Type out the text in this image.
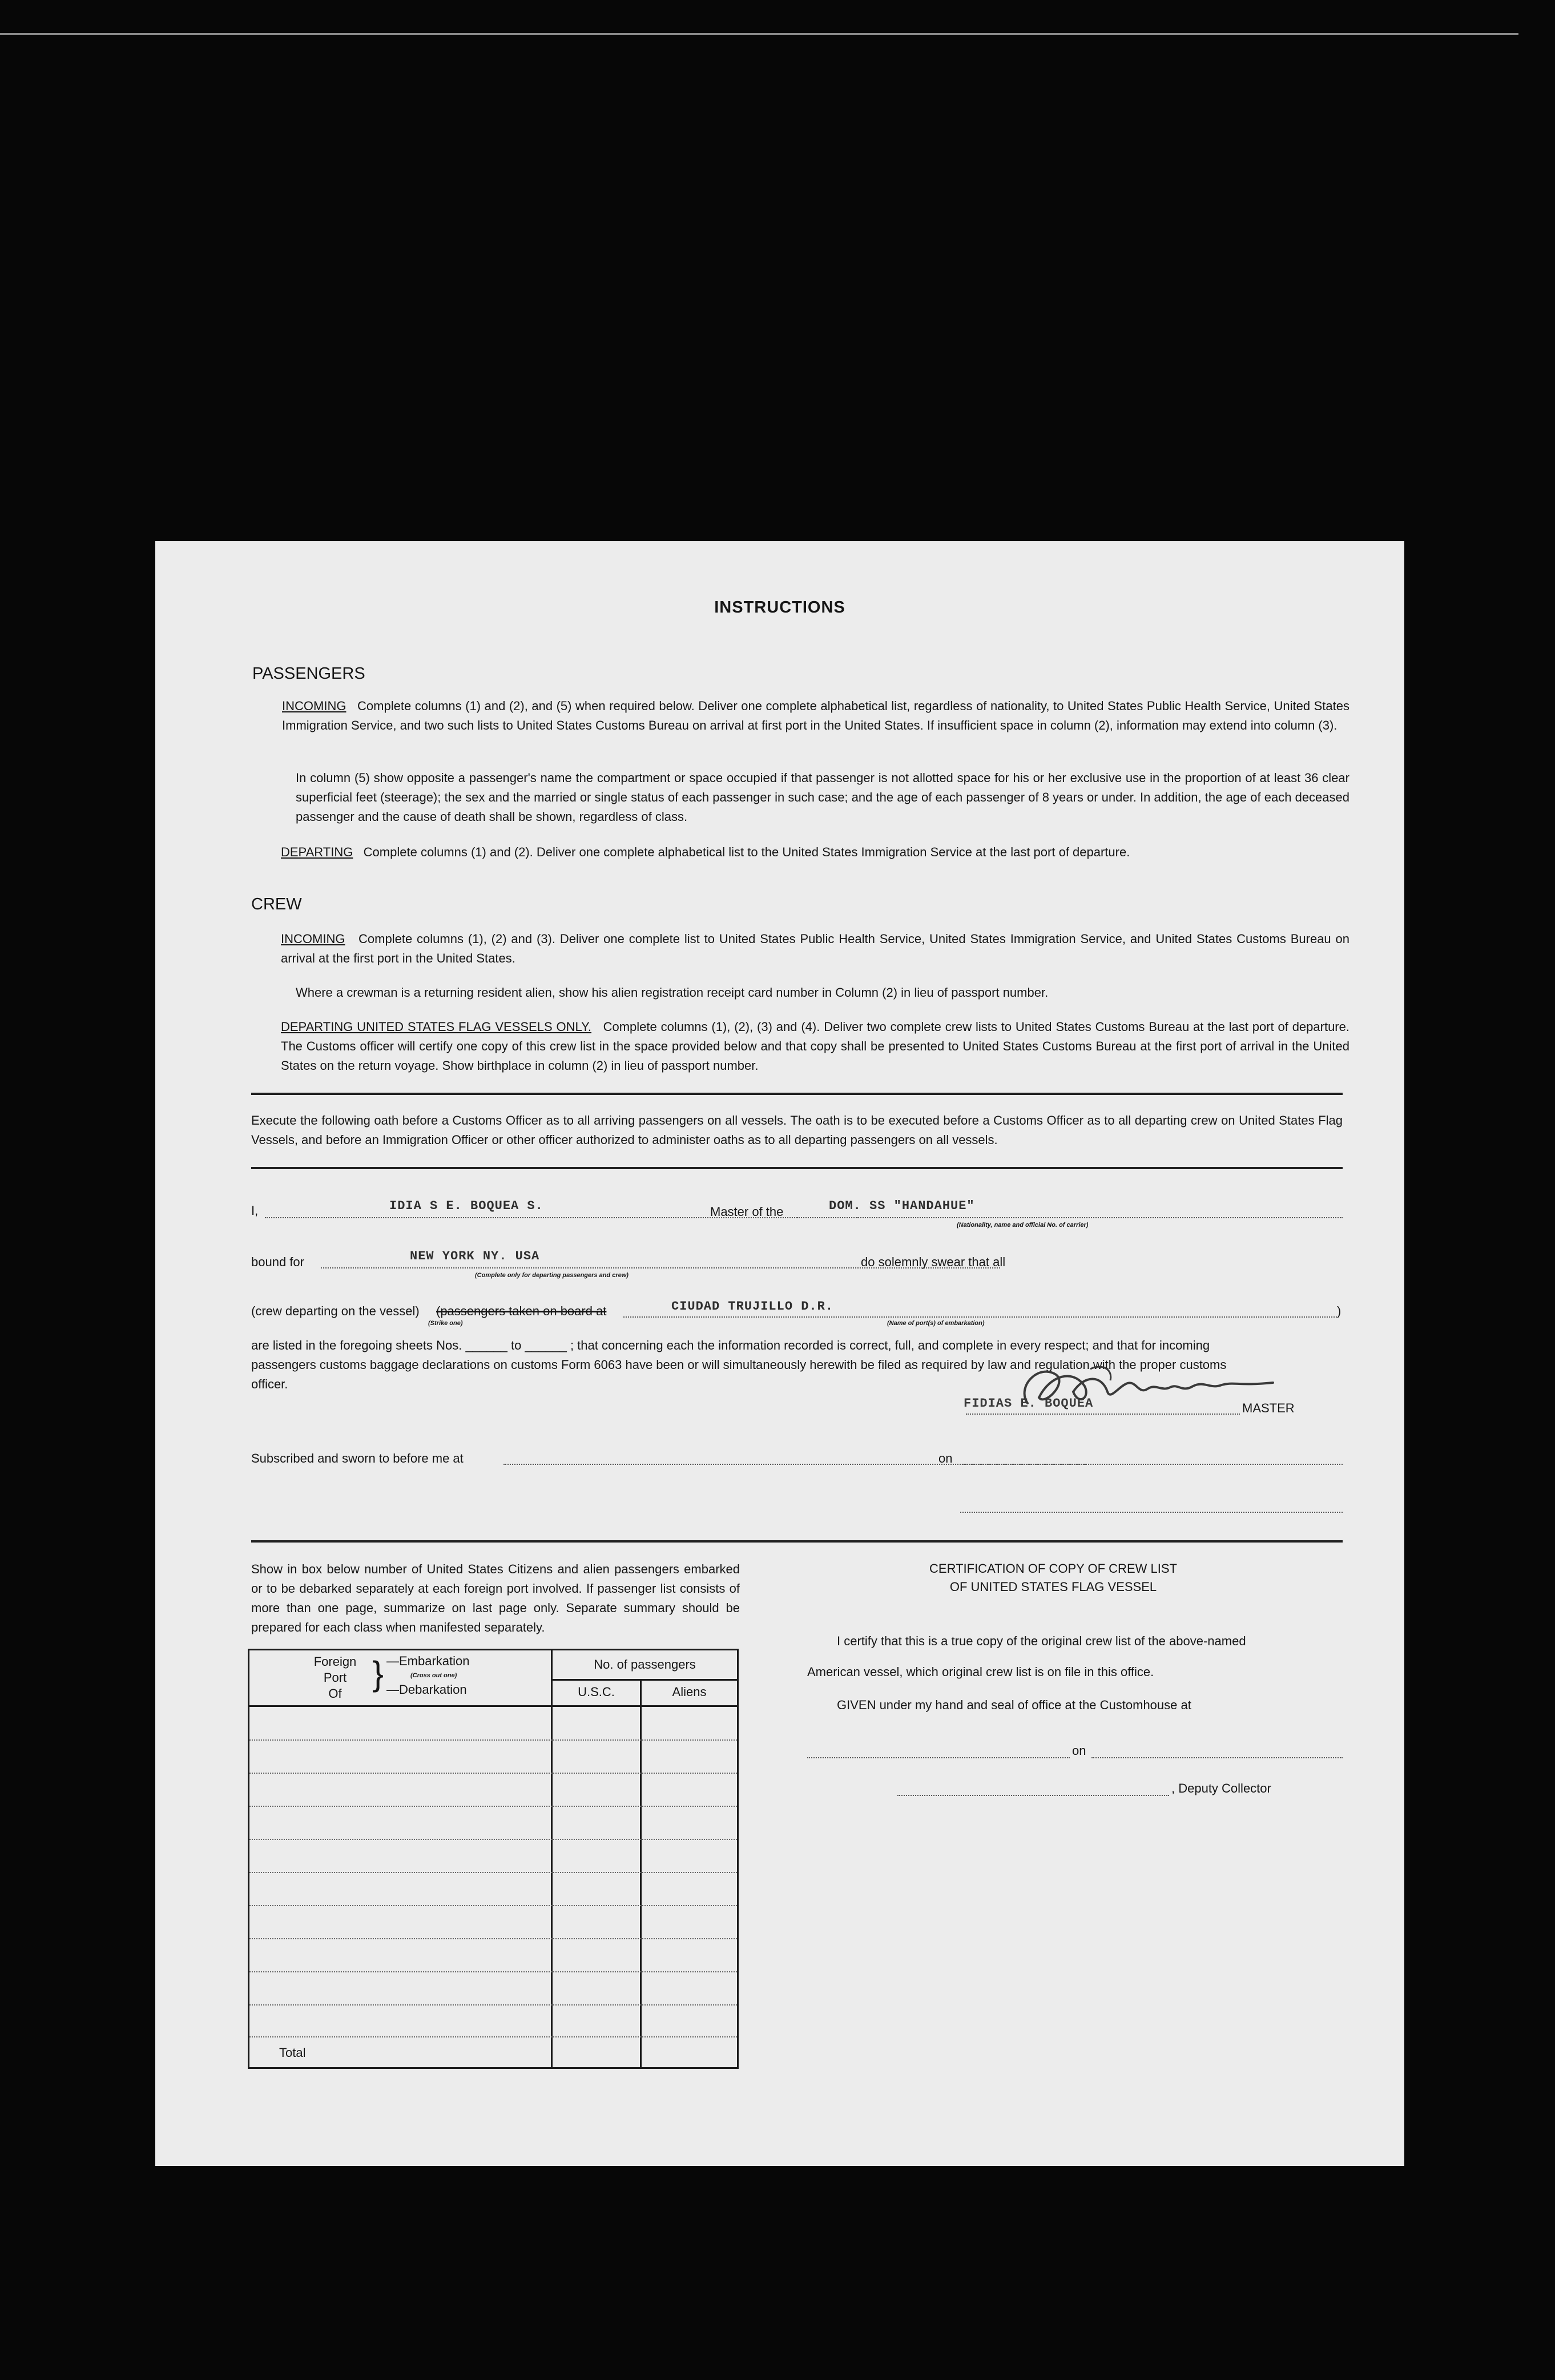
INSTRUCTIONS
PASSENGERS
INCOMING Complete columns (1) and (2), and (5) when required below. Deliver one complete alphabetical list, regardless of nationality, to United States Public Health Service, United States Immigration Service, and two such lists to United States Customs Bureau on arrival at first port in the United States. If insufficient space in column (2), information may extend into column (3).
In column (5) show opposite a passenger's name the compartment or space occupied if that passenger is not allotted space for his or her exclusive use in the proportion of at least 36 clear superficial feet (steerage); the sex and the married or single status of each passenger in such case; and the age of each passenger of 8 years or under. In addition, the age of each deceased passenger and the cause of death shall be shown, regardless of class.
DEPARTING Complete columns (1) and (2). Deliver one complete alphabetical list to the United States Immigration Service at the last port of departure.
CREW
INCOMING Complete columns (1), (2) and (3). Deliver one complete list to United States Public Health Service, United States Immigration Service, and United States Customs Bureau on arrival at the first port in the United States.
Where a crewman is a returning resident alien, show his alien registration receipt card number in Column (2) in lieu of passport number.
DEPARTING UNITED STATES FLAG VESSELS ONLY. Complete columns (1), (2), (3) and (4). Deliver two complete crew lists to United States Customs Bureau at the last port of departure. The Customs officer will certify one copy of this crew list in the space provided below and that copy shall be presented to United States Customs Bureau at the first port of arrival in the United States on the return voyage. Show birthplace in column (2) in lieu of passport number.
Execute the following oath before a Customs Officer as to all arriving passengers on all vessels. The oath is to be executed before a Customs Officer as to all departing crew on United States Flag Vessels, and before an Immigration Officer or other officer authorized to administer oaths as to all departing passengers on all vessels.
I,	IDIA S E. BOQUEA S.	Master of the	DOM. SS "HANDAHUE"
(Nationality, name and official No. of carrier)
bound for	NEW YORK NY. USA
(Complete only for departing passengers and crew)
do solemnly swear that all
(crew departing on the vessel) (passengers taken on board at
(Strike one)
CIUDAD TRUJILLO D.R.
(Name of port(s) of embarkation)
)
are listed in the foregoing sheets Nos. ______ to ______ ; that concerning each the information recorded is correct, full, and complete in every respect; and that for incoming
passengers customs baggage declarations on customs Form 6063 have been or will simultaneously herewith be filed as required by law and regulation with the proper customs
officer.
FIDIAS E. BOQUEA	MASTER
Subscribed and sworn to before me at	on
Show in box below number of United States Citizens and alien passengers embarked or to be debarked separately at each foreign port involved. If passenger list consists of more than one page, summarize on last page only. Separate summary should be prepared for each class when manifested separately.
Foreign
Port
Of
} —Embarkation
(Cross out one)
—Debarkation
No. of passengers
U.S.C.	Aliens
Total
CERTIFICATION OF COPY OF CREW LIST
OF UNITED STATES FLAG VESSEL
I certify that this is a true copy of the original crew list of the above-named
American vessel, which original crew list is on file in this office.
GIVEN under my hand and seal of office at the Customhouse at
on
, Deputy Collector
